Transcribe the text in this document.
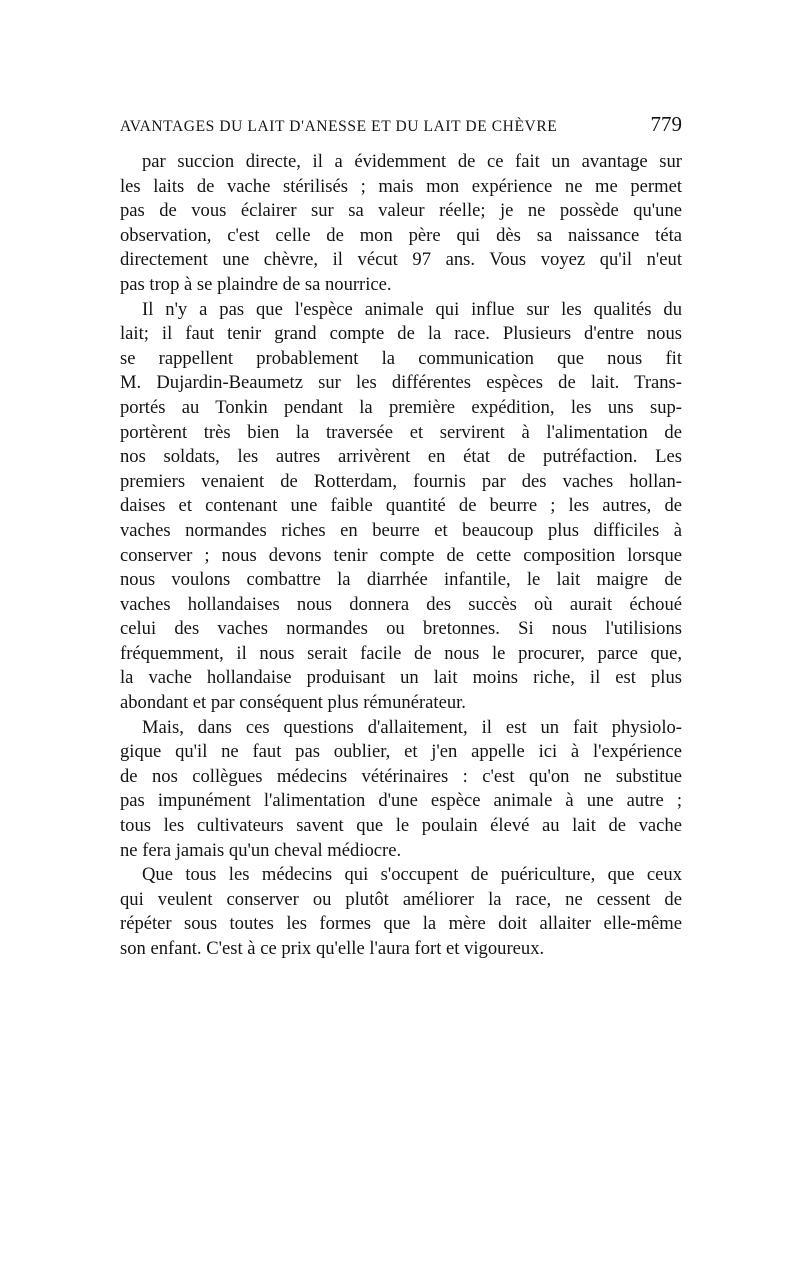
AVANTAGES DU LAIT D'ANESSE ET DU LAIT DE CHÈVRE	779

par succion directe, il a évidemment de ce fait un avantage sur
les laits de vache stérilisés ; mais mon expérience ne me permet
pas de vous éclairer sur sa valeur réelle; je ne possède qu'une
observation, c'est celle de mon père qui dès sa naissance téta
directement une chèvre, il vécut 97 ans. Vous voyez qu'il n'eut
pas trop à se plaindre de sa nourrice.

Il n'y a pas que l'espèce animale qui influe sur les qualités du
lait; il faut tenir grand compte de la race. Plusieurs d'entre nous
se rappellent probablement la communication que nous fit
M. Dujardin-Beaumetz sur les différentes espèces de lait. Trans-
portés au Tonkin pendant la première expédition, les uns sup-
portèrent très bien la traversée et servirent à l'alimentation de
nos soldats, les autres arrivèrent en état de putréfaction. Les
premiers venaient de Rotterdam, fournis par des vaches hollan-
daises et contenant une faible quantité de beurre ; les autres, de
vaches normandes riches en beurre et beaucoup plus difficiles à
conserver ; nous devons tenir compte de cette composition lorsque
nous voulons combattre la diarrhée infantile, le lait maigre de
vaches hollandaises nous donnera des succès où aurait échoué
celui des vaches normandes ou bretonnes. Si nous l'utilisions
fréquemment, il nous serait facile de nous le procurer, parce que,
la vache hollandaise produisant un lait moins riche, il est plus
abondant et par conséquent plus rémunérateur.

Mais, dans ces questions d'allaitement, il est un fait physiolo-
gique qu'il ne faut pas oublier, et j'en appelle ici à l'expérience
de nos collègues médecins vétérinaires : c'est qu'on ne substitue
pas impunément l'alimentation d'une espèce animale à une autre ;
tous les cultivateurs savent que le poulain élevé au lait de vache
ne fera jamais qu'un cheval médiocre.

Que tous les médecins qui s'occupent de puériculture, que ceux
qui veulent conserver ou plutôt améliorer la race, ne cessent de
répéter sous toutes les formes que la mère doit allaiter elle-même
son enfant. C'est à ce prix qu'elle l'aura fort et vigoureux.
